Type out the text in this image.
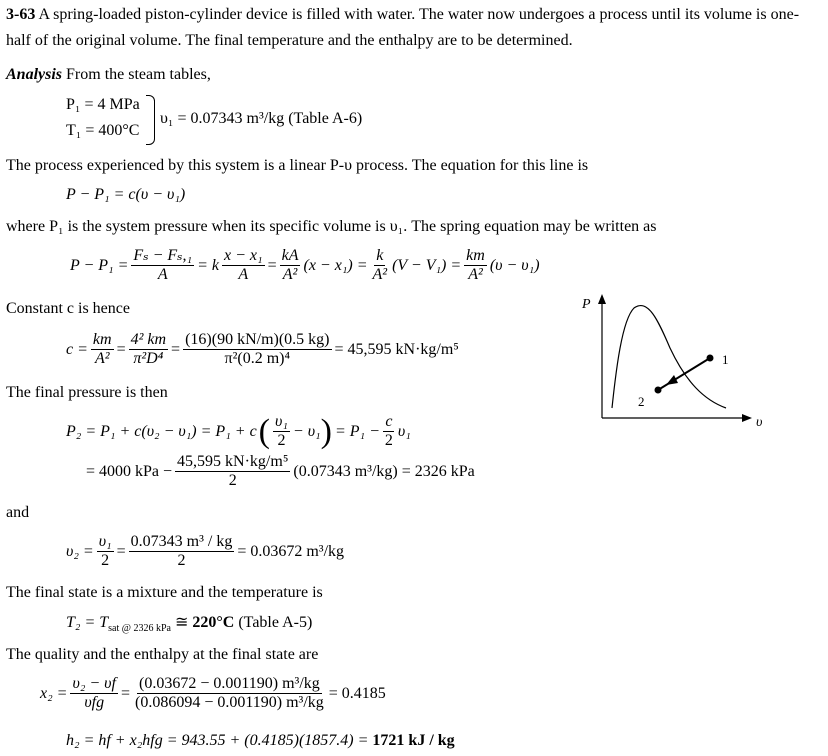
3-63 A spring-loaded piston-cylinder device is filled with water. The water now undergoes a process until its volume is one-
half of the original volume. The final temperature and the enthalpy are to be determined.
Analysis From the steam tables,
P₁ = 4 MPa
T₁ = 400°C
υ₁ = 0.07343 m³/kg (Table A-6)
The process experienced by this system is a linear P-υ process. The equation for this line is
P − P₁ = c(υ − υ₁)
where P₁ is the system pressure when its specific volume is υ₁. The spring equation may be written as
$P - P_1 = \frac{\text{Fₛ − Fₛ,₁}}{A} = k \frac{\text{x − x₁}}{A} = \frac{kA}{\text{A²}} (x - x_1) = \frac{k}{\text{A²}} (V - V_1) = \frac{km}{\text{A²}} (\upsilon - \upsilon_1)$
Constant c is hence
$c = \frac{km}{\text{A²}} = \frac{\text{4² km}}{\text{π²D⁴}} = \frac{(16)(90 kN/m)(0.5 kg)}{\text{π²(0.2 m)⁴}} = 45,595$ kN·kg/m⁵
The final pressure is then
P₂ = P₁ + c(υ₂ − υ₁) = P₁ + c ( $\frac{\text{υ₁}}{2} - \upsilon_1$ ) = $P_1 - \frac{c}{2} \upsilon_1$
= 4000 kPa − $\frac{\text{45,595 kN·kg/m⁵}}{2} (0.07343$ m³/kg) = 2326 kPa
and
$\upsilon_2 = \frac{\text{υ₁}}{2} = \frac{\text{0.07343 m³ / kg}}{2} = 0.03672$ m³/kg
The final state is a mixture and the temperature is
$T_2 = T_{sat @ 2326 kPa}$ ≅ 220°C (Table A-5)
The quality and the enthalpy at the final state are
$x_2 = \frac{\text{υ₂ − υf}}{\text{υfg}} = \frac{\text{(0.03672 − 0.001190) m³/kg}}{\text{(0.086094 − 0.001190) m³/kg}} = 0.4185$
h₂ = hf + x₂hfg = 943.55 + (0.4185)(1857.4) = 1721 kJ / kg
P
υ
1
2
